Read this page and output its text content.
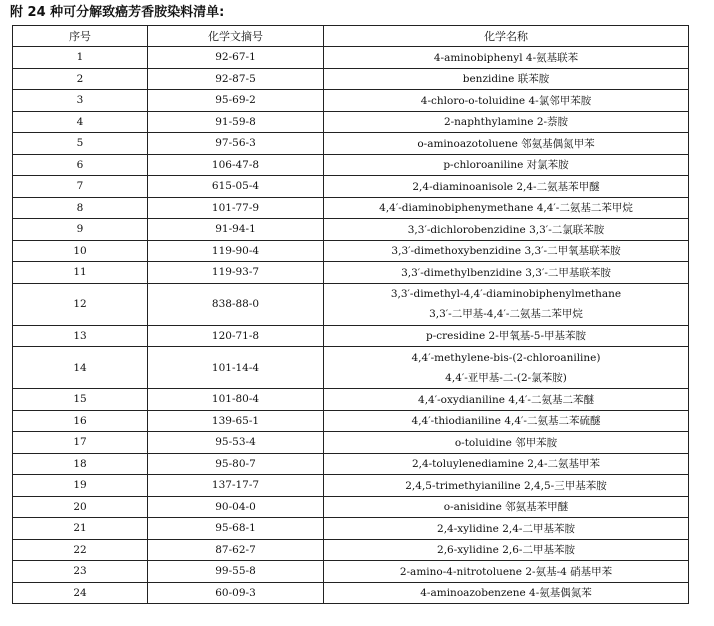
附 24 种可分解致癌芳香胺染料清单:
序号	化学文摘号	化学名称
1	92-67-1	4-aminobiphenyl 4-氨基联苯

2	92-87-5	benzidine 联苯胺

3	95-69-2	4-chloro-o-toluidine 4-氯邻甲苯胺

4	91-59-8	2-naphthylamine 2-萘胺

5	97-56-3	o-aminoazotoluene 邻氨基偶氮甲苯

6	106-47-8	p-chloroaniline 对氯苯胺

7	615-05-4	2,4-diaminoanisole 2,4-二氨基苯甲醚

8	101-77-9	4,4′-diaminobiphenymethane 4,4′-二氨基二苯甲烷

9	91-94-1	3,3′-dichlorobenzidine 3,3′-二氯联苯胺

10	119-90-4	3,3′-dimethoxybenzidine 3,3′-二甲氧基联苯胺

11	119-93-7	3,3′-dimethylbenzidine 3,3′-二甲基联苯胺

12	838-88-0	3,3′-dimethyl-4,4′-diaminobiphenylmethane
3,3′-二甲基-4,4′-二氨基二苯甲烷

13	120-71-8	p-cresidine 2-甲氧基-5-甲基苯胺

14	101-14-4	4,4′-methylene-bis-(2-chloroaniline)
4,4′-亚甲基-二-(2-氯苯胺)

15	101-80-4	4,4′-oxydianiline 4,4′-二氨基二苯醚

16	139-65-1	4,4′-thiodianiline 4,4′-二氨基二苯硫醚

17	95-53-4	o-toluidine 邻甲苯胺

18	95-80-7	2,4-toluylenediamine 2,4-二氨基甲苯

19	137-17-7	2,4,5-trimethyianiline 2,4,5-三甲基苯胺

20	90-04-0	o-anisidine 邻氨基苯甲醚

21	95-68-1	2,4-xylidine 2,4-二甲基苯胺

22	87-62-7	2,6-xylidine 2,6-二甲基苯胺

23	99-55-8	2-amino-4-nitrotoluene 2-氨基-4 硝基甲苯

24	60-09-3	4-aminoazobenzene 4-氨基偶氮苯
